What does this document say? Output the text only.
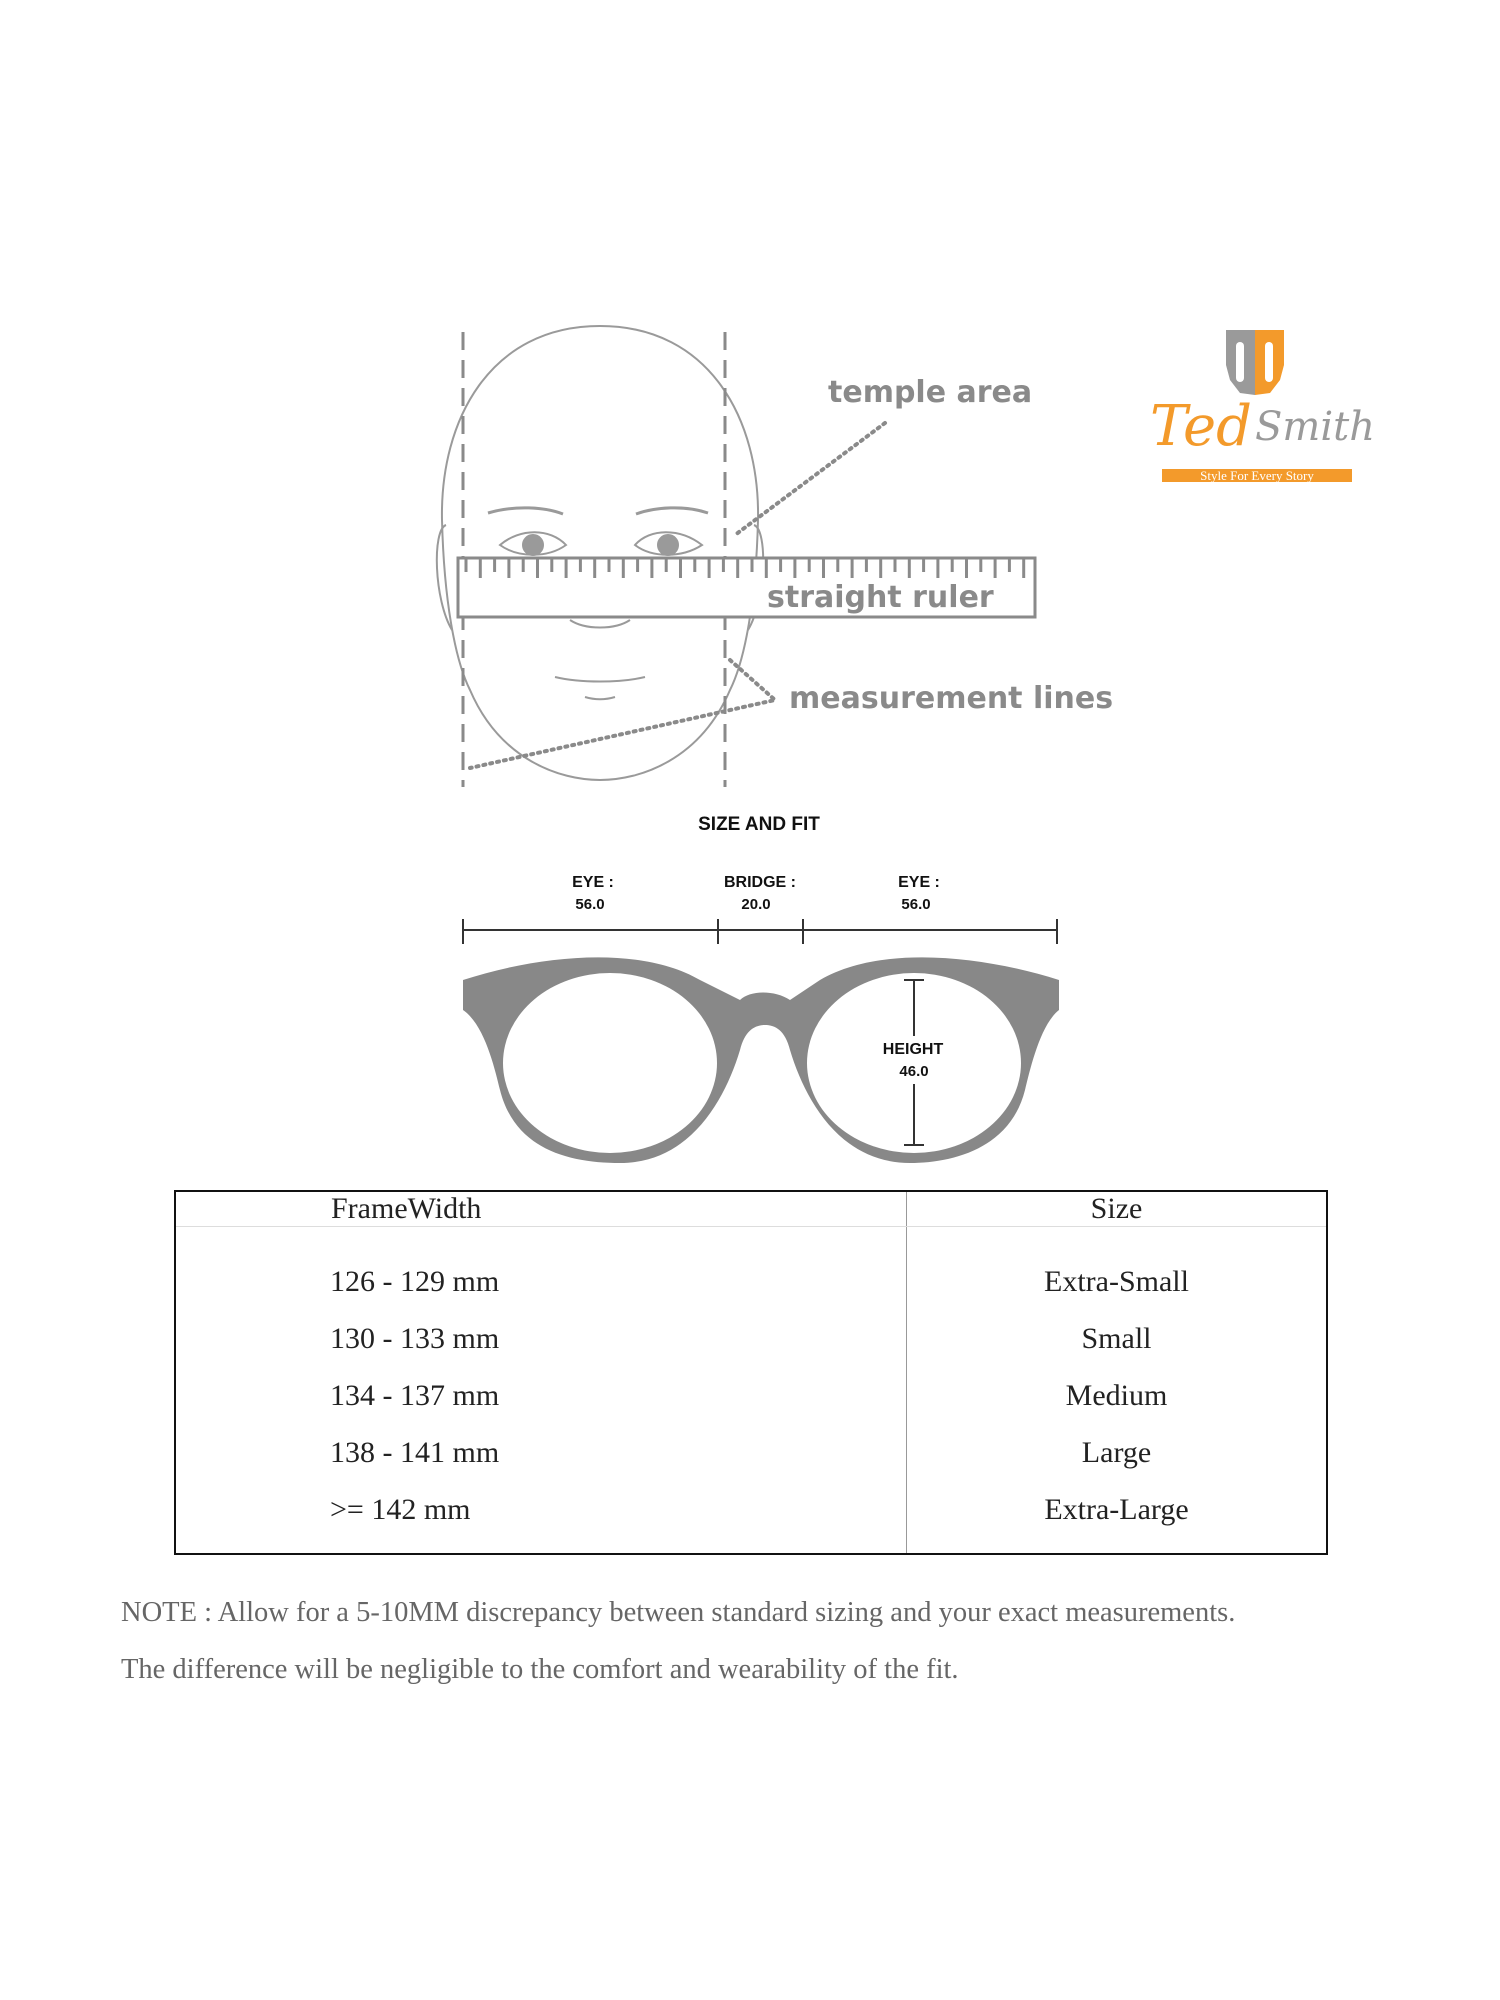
temple area
straight ruler
measurement lines
Ted Smith
Style For Every Story
SIZE AND FIT
EYE :
56.0
BRIDGE :
20.0
EYE :
56.0
HEIGHT
46.0
FrameWidth	Size
126 - 129 mm	Extra-Small
130 - 133 mm	Small
134 - 137 mm	Medium
138 - 141 mm	Large
>= 142 mm	Extra-Large

NOTE : Allow for a 5-10MM discrepancy between standard sizing and your exact measurements.
The difference will be negligible to the comfort and wearability of the fit.
